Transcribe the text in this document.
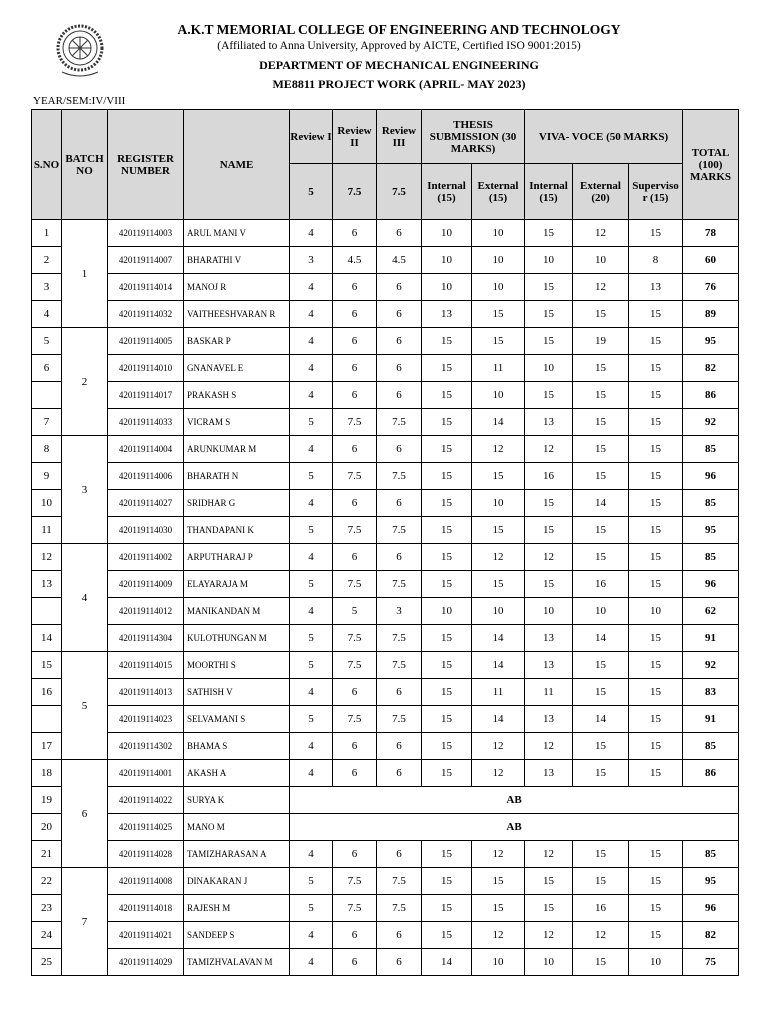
A.K.T MEMORIAL COLLEGE OF ENGINEERING AND TECHNOLOGY
(Affiliated to Anna University, Approved by AICTE, Certified ISO 9001:2015)
DEPARTMENT OF MECHANICAL ENGINEERING
ME8811 PROJECT WORK (APRIL- MAY 2023)
YEAR/SEM:IV/VIII
S.NO	BATCH NO	REGISTER NUMBER	NAME	Review I	Review II	Review III	THESIS SUBMISSION (30 MARKS)		VIVA- VOCE (50 MARKS)			TOTAL (100) MARKS	
				5	7.5	7.5	Internal (15)	External (15)	Internal (15)	External (20)	Superviso r (15)		
1	1	420119114003	ARUL MANI V	4	6	6	10	10	15	12	15	78	
2		420119114007	BHARATHI V	3	4.5	4.5	10	10	10	10	8	60	
3		420119114014	MANOJ R	4	6	6	10	10	15	12	13	76	
4		420119114032	VAITHEESHVARAN R	4	6	6	13	15	15	15	15	89	
5	2	420119114005	BASKAR P	4	6	6	15	15	15	19	15	95	
6		420119114010	GNANAVEL E	4	6	6	15	11	10	15	15	82	
		420119114017	PRAKASH S	4	6	6	15	10	15	15	15	86	
7		420119114033	VICRAM S	5	7.5	7.5	15	14	13	15	15	92	
8	3	420119114004	ARUNKUMAR M	4	6	6	15	12	12	15	15	85	
9		420119114006	BHARATH N	5	7.5	7.5	15	15	16	15	15	96	
10		420119114027	SRIDHAR G	4	6	6	15	10	15	14	15	85	
11		420119114030	THANDAPANI K	5	7.5	7.5	15	15	15	15	15	95	
12	4	420119114002	ARPUTHARAJ P	4	6	6	15	12	12	15	15	85	
13		420119114009	ELAYARAJA M	5	7.5	7.5	15	15	15	16	15	96	
		420119114012	MANIKANDAN M	4	5	3	10	10	10	10	10	62	
14		420119114304	KULOTHUNGAN M	5	7.5	7.5	15	14	13	14	15	91	
15	5	420119114015	MOORTHI S	5	7.5	7.5	15	14	13	15	15	92	
16		420119114013	SATHISH V	4	6	6	15	11	11	15	15	83	
		420119114023	SELVAMANI S	5	7.5	7.5	15	14	13	14	15	91	
17		420119114302	BHAMA S	4	6	6	15	12	12	15	15	85	
18	6	420119114001	AKASH A	4	6	6	15	12	13	15	15	86	
19		420119114022	SURYA K	AB									
20		420119114025	MANO M	AB									
21		420119114028	TAMIZHARASAN A	4	6	6	15	12	12	15	15	85	
22	7	420119114008	DINAKARAN J	5	7.5	7.5	15	15	15	15	15	95	
23		420119114018	RAJESH M	5	7.5	7.5	15	15	15	16	15	96	
24		420119114021	SANDEEP S	4	6	6	15	12	12	12	15	82	
25		420119114029	TAMIZHVALAVAN M	4	6	6	14	10	10	15	10	75	
